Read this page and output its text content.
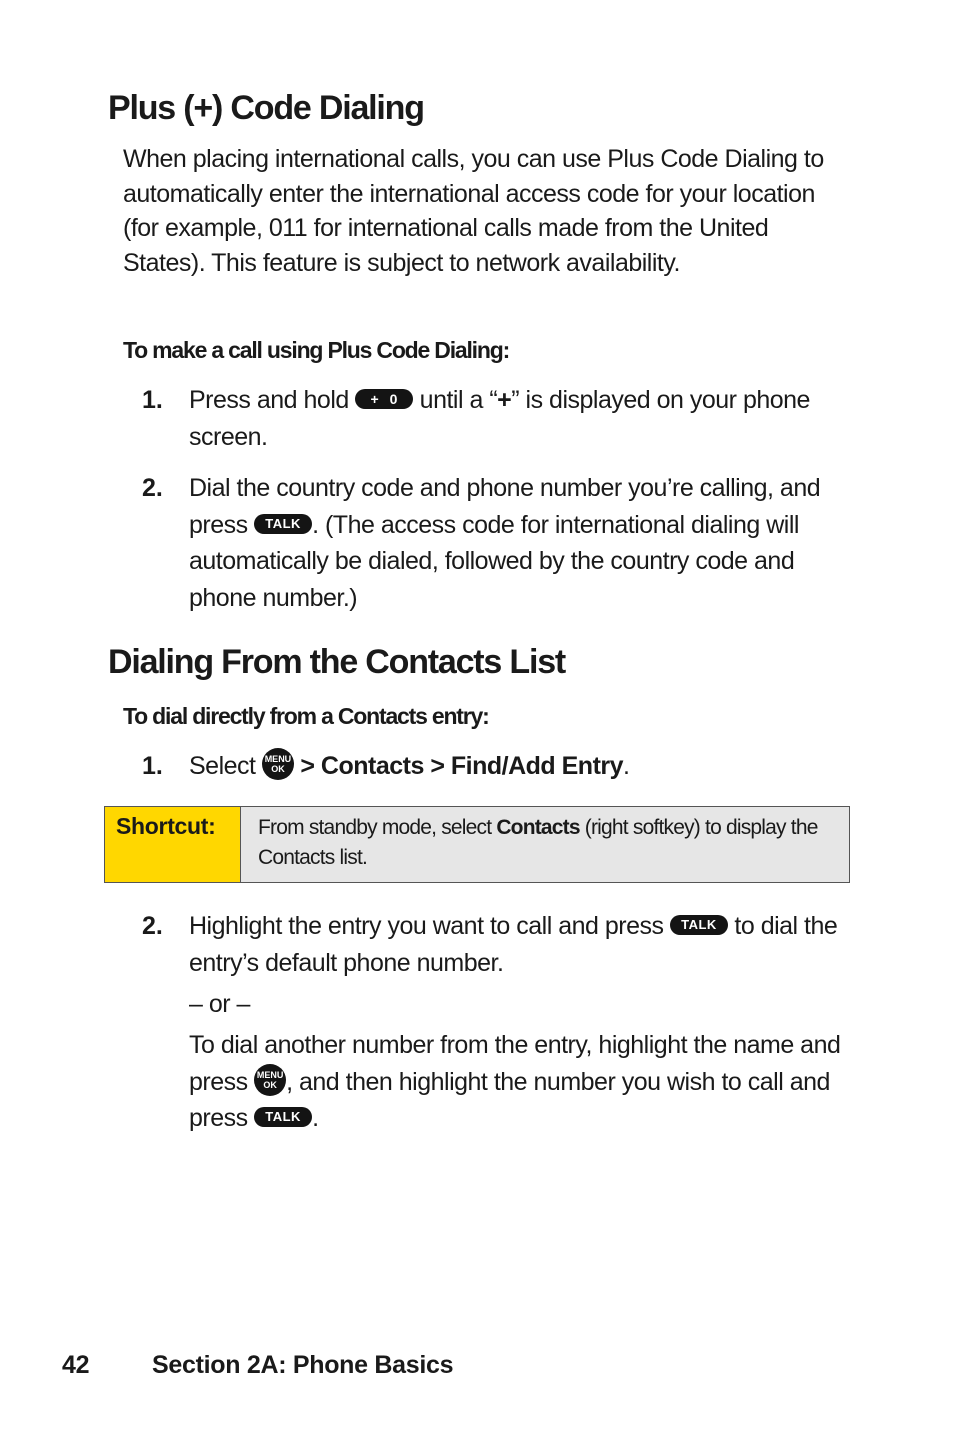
Plus (+) Code Dialing

When placing international calls, you can use Plus Code Dialing to automatically enter the international access code for your location (for example, 011 for international calls made from the United States). This feature is subject to network availability.

To make a call using Plus Code Dialing:

1.	Press and hold + 0 until a “+” is displayed on your phone screen.

2.	Dial the country code and phone number you’re calling, and press TALK . (The access code for international dialing will automatically be dialed, followed by the country code and phone number.)

Dialing From the Contacts List

To dial directly from a Contacts entry:

1.	Select MENU
OK > Contacts > Find/Add Entry.

Shortcut:	From standby mode, select Contacts (right softkey) to display the Contacts list.
2.	Highlight the entry you want to call and press TALK to dial the entry’s default phone number.

– or –

To dial another number from the entry, highlight the name and press MENU
OK , and then highlight the number you wish to call and press TALK .

42	Section 2A: Phone Basics
